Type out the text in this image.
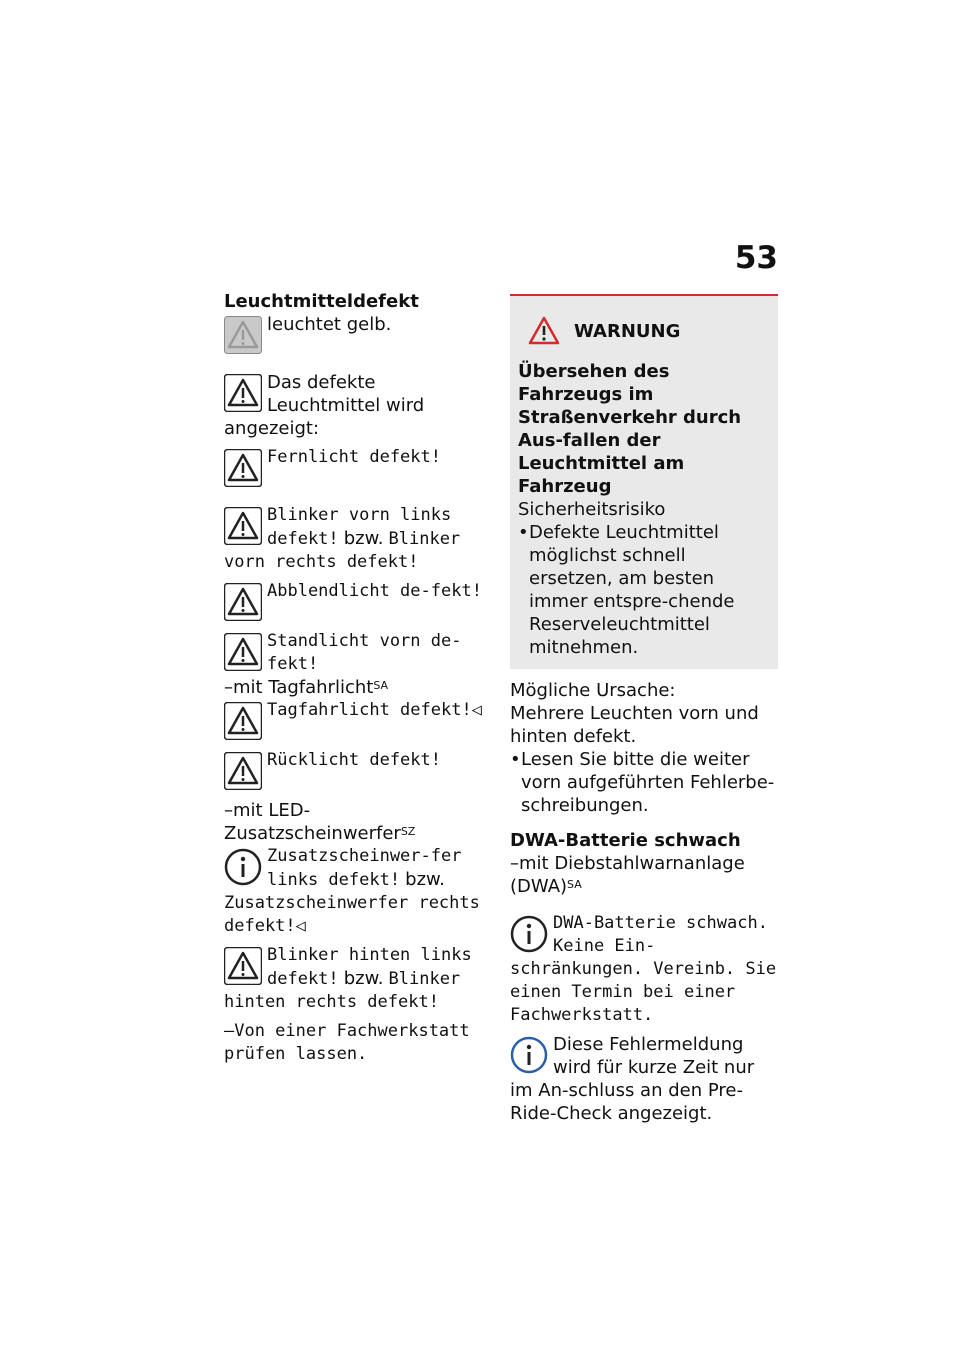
53
Leuchtmitteldefekt
leuchtet gelb.
Das defekte Leuchtmittel wird angezeigt:
Fernlicht defekt!
Blinker vorn links defekt! bzw. Blinker vorn rechts defekt!
Abblendlicht de-fekt!
Standlicht vorn de-fekt!
–mit Tagfahrlicht$^{SA}$
Tagfahrlicht defekt!◁
Rücklicht defekt!
–mit LED-Zusatzscheinwerfer$^{SZ}$
Zusatzscheinwer-fer links defekt! bzw. Zusatzscheinwerfer rechts defekt!◁
Blinker hinten links defekt! bzw. Blinker hinten rechts defekt!
–Von einer Fachwerkstatt prüfen lassen.
WARNUNG
Übersehen des Fahrzeugs im Straßenverkehr durch Aus-fallen der Leuchtmittel am Fahrzeug
Sicherheitsrisiko
• Defekte Leuchtmittel möglichst schnell ersetzen, am besten immer entspre-chende Reserveleuchtmittel mitnehmen.
Mögliche Ursache:
Mehrere Leuchten vorn und hinten defekt.
• Lesen Sie bitte die weiter vorn aufgeführten Fehlerbe-schreibungen.
DWA-Batterie schwach
–mit Diebstahlwarnanlage (DWA)$^{SA}$
DWA-Batterie schwach. Keine Ein-schränkungen. Vereinb. Sie einen Termin bei einer Fachwerkstatt.
Diese Fehlermeldung wird für kurze Zeit nur im An-schluss an den Pre-Ride-Check angezeigt.
